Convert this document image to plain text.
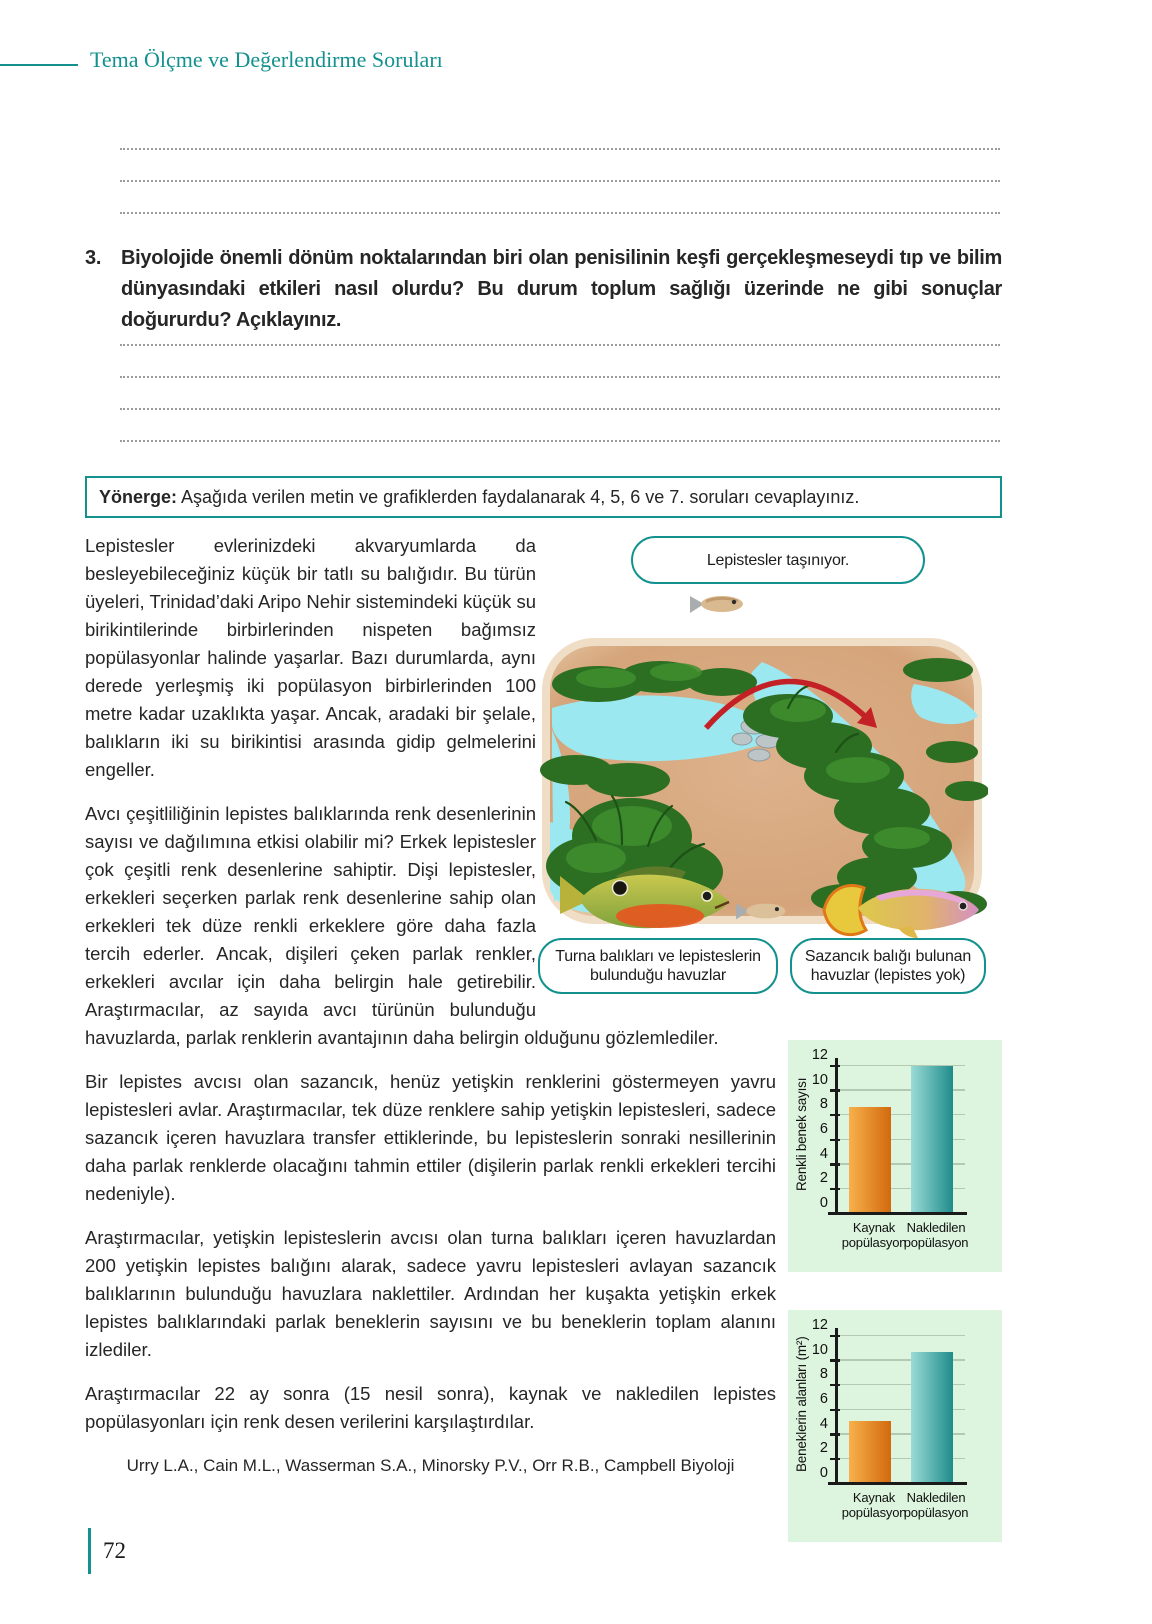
Tema Ölçme ve Değerlendirme Soruları
3. Biyolojide önemli dönüm noktalarından biri olan penisilinin keşfi gerçekleşmeseydi tıp ve bilim dünyasındaki etkileri nasıl olurdu? Bu durum toplum sağlığı üzerinde ne gibi sonuçlar doğururdu? Açıklayınız.

Yönerge: Aşağıda verilen metin ve grafiklerden faydalanarak 4, 5, 6 ve 7. soruları cevaplayınız.

Lepistesler taşınıyor.
Turna balıkları ve lepisteslerin bulunduğu havuzlar
Sazancık balığı bulunan havuzlar (lepistes yok)
Renkli benek sayısı
0
2
4
6
8
10
12
Kaynak popülasyon
Nakledilen popülasyon
Beneklerin alanları (m²)
0
2
4
6
8
10
12
Kaynak popülasyon
Nakledilen popülasyon

Lepistesler evlerinizdeki akvaryumlarda da besleyebileceğiniz küçük bir tatlı su balığıdır. Bu türün üyeleri, Trinidad’daki Aripo Nehir sistemindeki küçük su birikintilerinde birbirlerinden nispeten bağımsız popülasyonlar halinde yaşarlar. Bazı durumlarda, aynı derede yerleşmiş iki popülasyon birbirlerinden 100 metre kadar uzaklıkta yaşar. Ancak, aradaki bir şelale, balıkların iki su birikintisi arasında gidip gelmelerini engeller.

Avcı çeşitliliğinin lepistes balıklarında renk desenlerinin sayısı ve dağılımına etkisi olabilir mi? Erkek lepistesler çok çeşitli renk desenlerine sahiptir. Dişi lepistesler, erkekleri seçerken parlak renk desenlerine sahip olan erkekleri tek düze renkli erkeklere göre daha fazla tercih ederler. Ancak, dişileri çeken parlak renkler, erkekleri avcılar için daha belirgin hale getirebilir. Araştırmacılar, az sayıda avcı türünün bulunduğu havuzlarda, parlak renklerin avantajının daha belirgin olduğunu gözlemlediler.

Bir lepistes avcısı olan sazancık, henüz yetişkin renklerini göstermeyen yavru lepistesleri avlar. Araştırmacılar, tek düze renklere sahip yetişkin lepistesleri, sadece sazancık içeren havuzlara transfer ettiklerinde, bu lepisteslerin sonraki nesillerinin daha parlak renklerde olacağını tahmin ettiler (dişilerin parlak renkli erkekleri tercihi nedeniyle).

Araştırmacılar, yetişkin lepisteslerin avcısı olan turna balıkları içeren havuzlardan 200 yetişkin lepistes balığını alarak, sadece yavru lepistesleri avlayan sazancık balıklarının bulunduğu havuzlara naklettiler. Ardından her kuşakta yetişkin erkek lepistes balıklarındaki parlak beneklerin sayısını ve bu beneklerin toplam alanını izlediler.

Araştırmacılar 22 ay sonra (15 nesil sonra), kaynak ve nakledilen lepistes popülasyonları için renk desen verilerini karşılaştırdılar.

Urry L.A., Cain M.L., Wasserman S.A., Minorsky P.V., Orr R.B., Campbell Biyoloji

72
